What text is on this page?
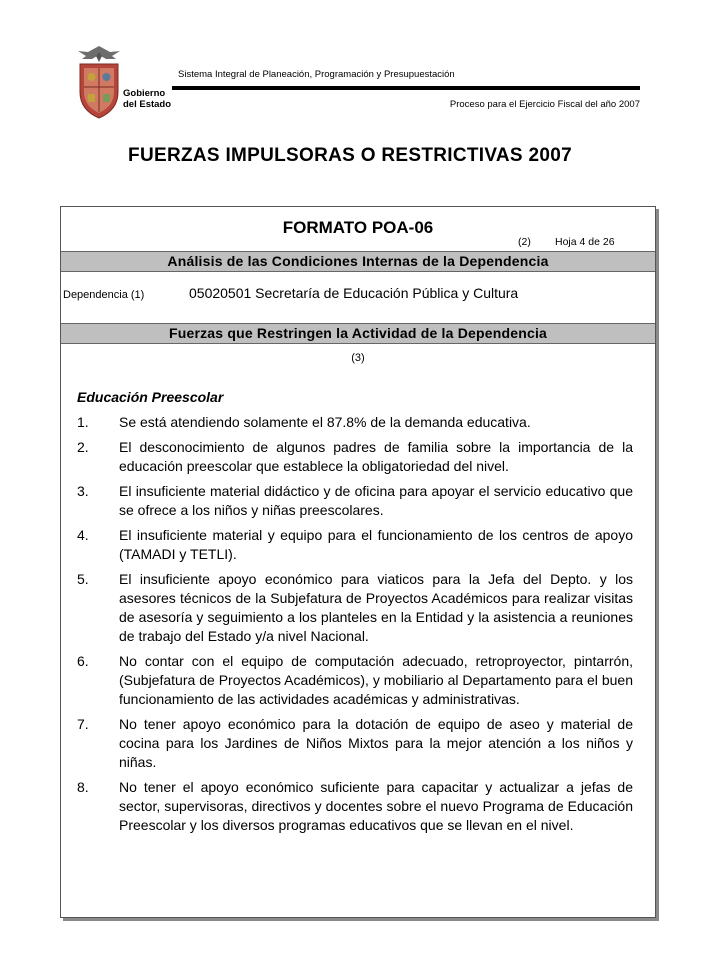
Gobierno
del Estado
Sistema Integral de Planeación, Programación y Presupuestación
Proceso para el Ejercicio Fiscal del año 2007
FUERZAS IMPULSORAS O RESTRICTIVAS 2007
FORMATO POA-06
(2) Hoja 4 de 26
Análisis de las Condiciones Internas de la Dependencia
Dependencia (1)	05020501 Secretaría de Educación Pública y Cultura
Fuerzas que Restringen la Actividad de la Dependencia
(3)
Educación Preescolar
1.	Se está atendiendo solamente el 87.8% de la demanda educativa.
2.	El desconocimiento de algunos padres de familia sobre la importancia de la educación preescolar que establece la obligatoriedad del nivel.
3.	El insuficiente material didáctico y de oficina para apoyar el servicio educativo que se ofrece a los niños y niñas preescolares.
4.	El insuficiente material y equipo para el funcionamiento de los centros de apoyo (TAMADI y TETLI).
5.	El insuficiente apoyo económico para viaticos para la Jefa del Depto. y los asesores técnicos de la Subjefatura de Proyectos Académicos para realizar visitas de asesoría y seguimiento a los planteles en la Entidad y la asistencia a reuniones de trabajo del Estado y/a nivel Nacional.
6.	No contar con el equipo de computación adecuado, retroproyector, pintarrón, (Subjefatura de Proyectos Académicos), y mobiliario al Departamento para el buen funcionamiento de las actividades académicas y administrativas.
7.	No tener apoyo económico para la dotación de equipo de aseo y material de cocina para los Jardines de Niños Mixtos para la mejor atención a los niños y niñas.
8.	No tener el apoyo económico suficiente para capacitar y actualizar a jefas de sector, supervisoras, directivos y docentes sobre el nuevo Programa de Educación Preescolar y los diversos programas educativos que se llevan en el nivel.
